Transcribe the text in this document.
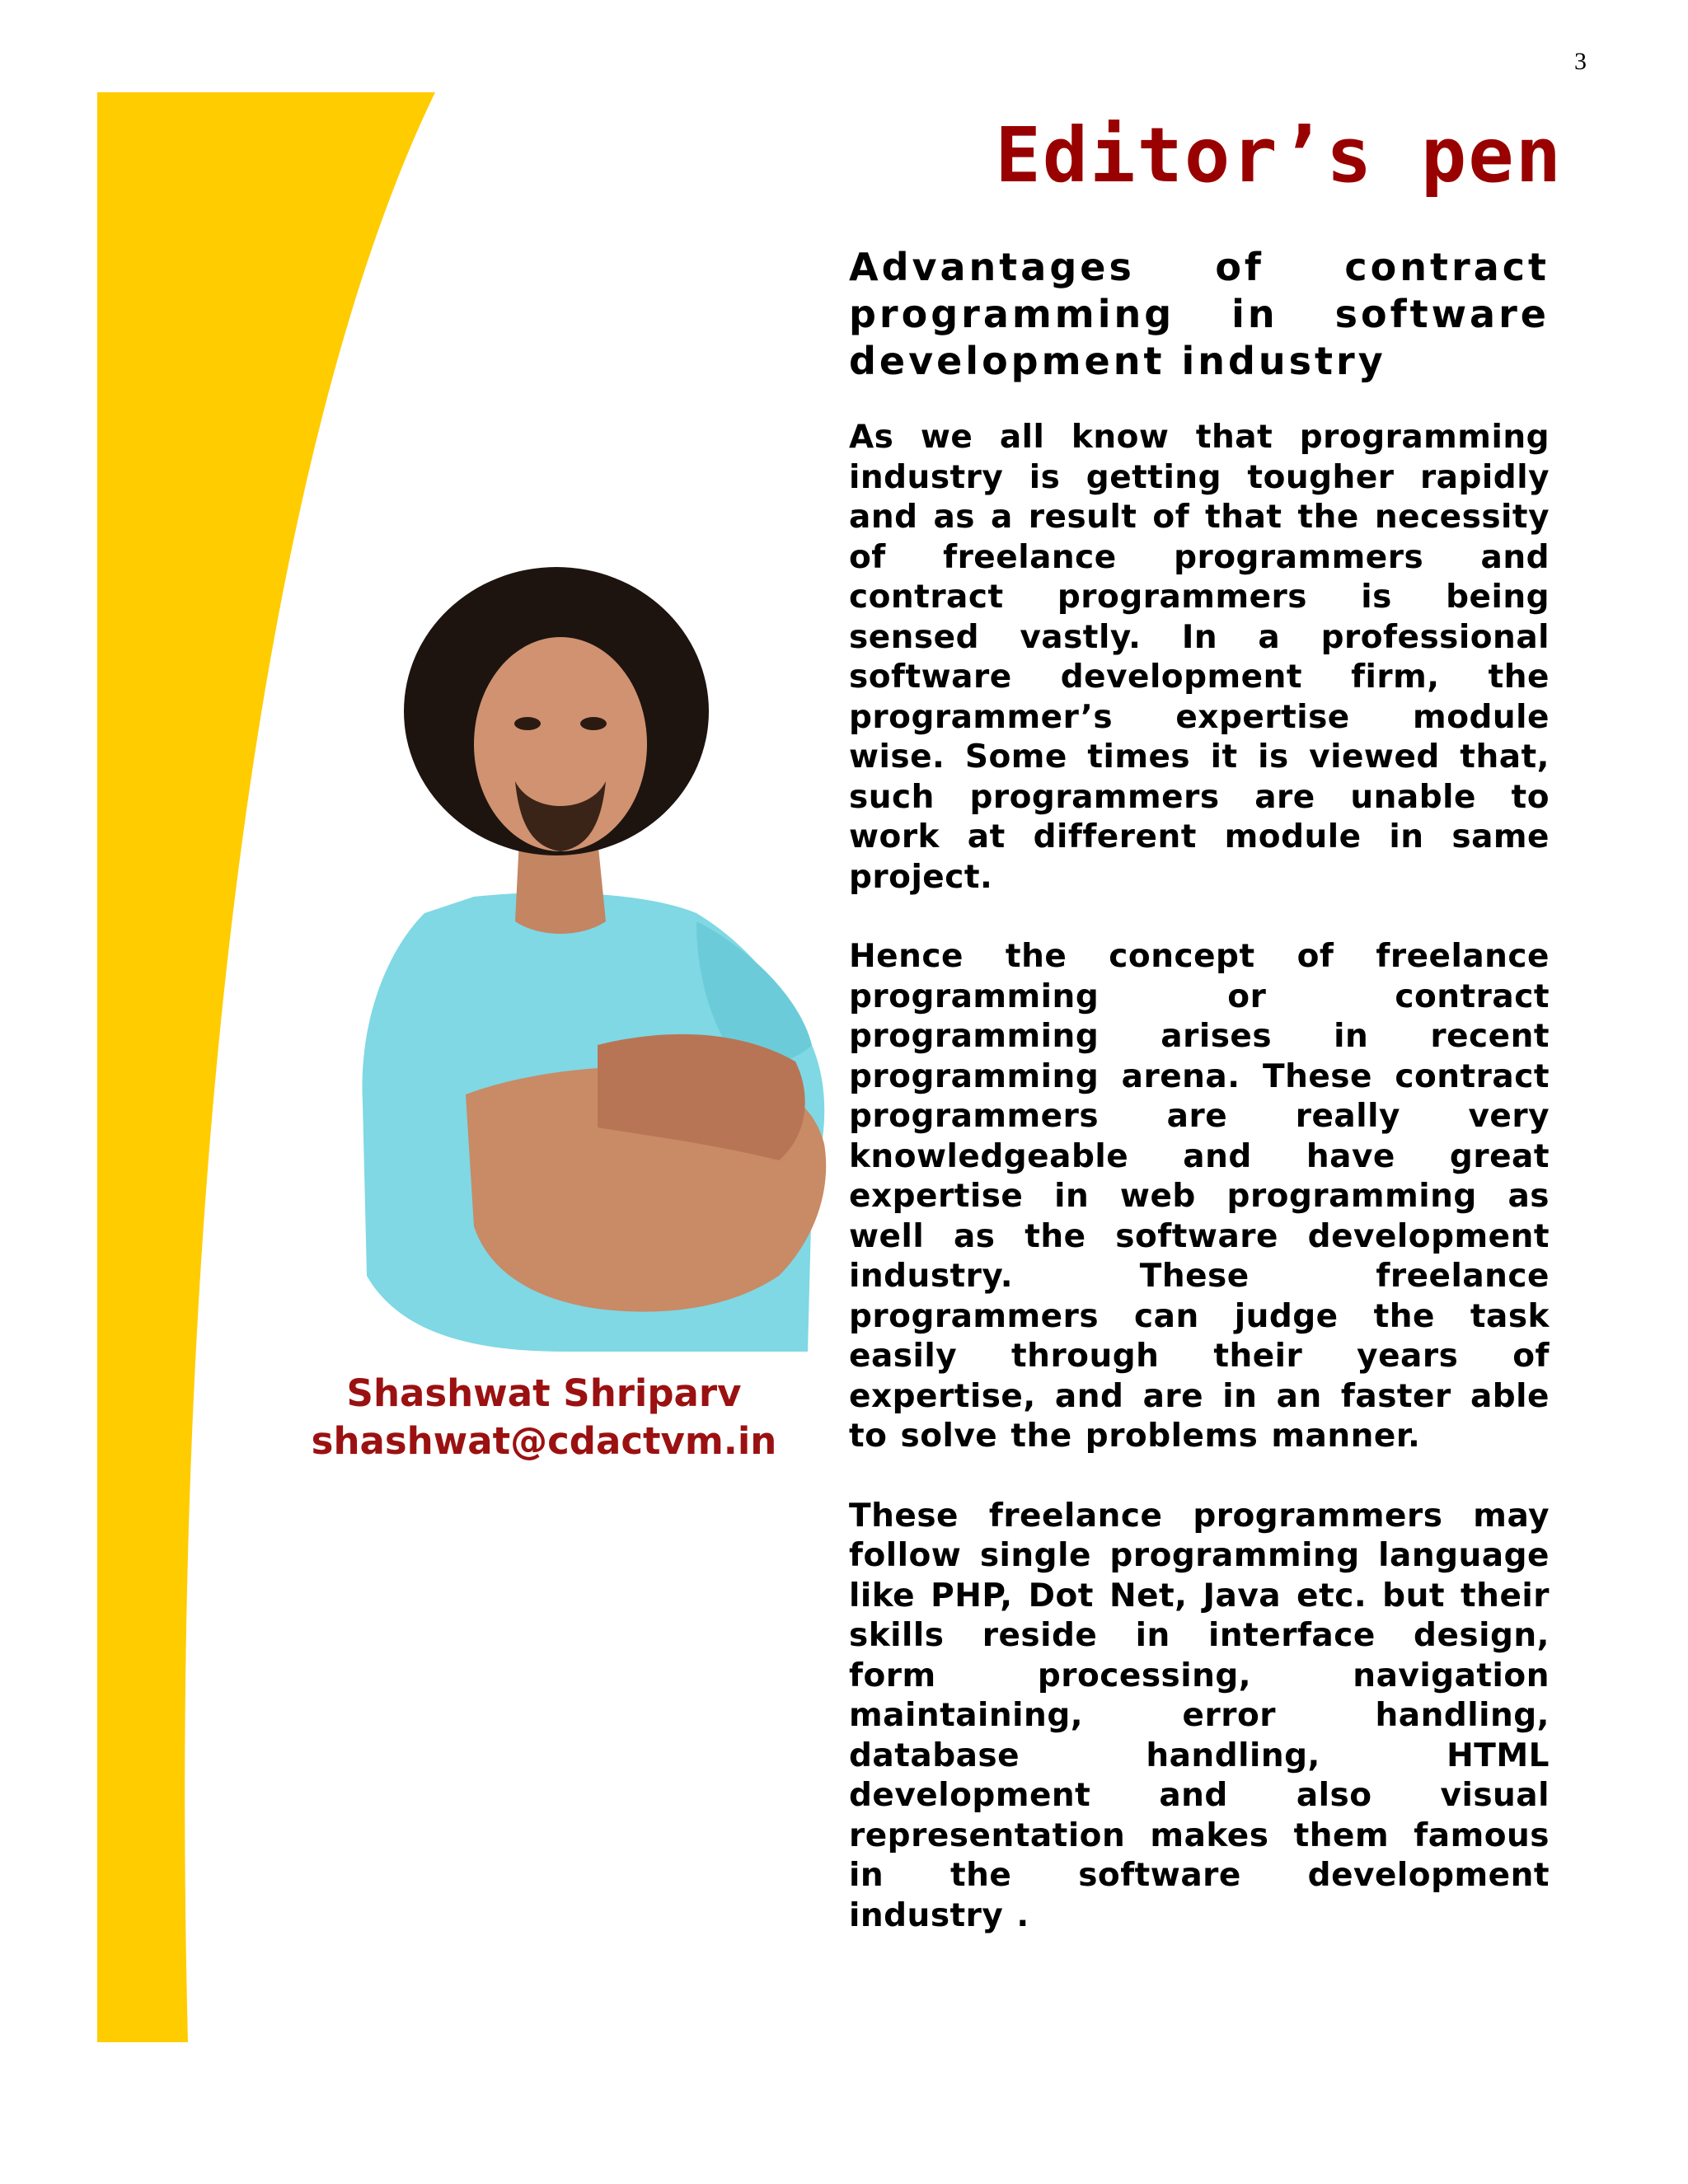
3
Editor’s pen
Advantages of contract programming in software development industry

As we all know that programming industry is getting tougher rapidly and as a result of that the necessity of freelance programmers and contract programmers is being sensed vastly. In a professional software development firm, the programmer’s expertise module wise. Some times it is viewed that, such programmers are unable to work at different module in same project.

Hence the concept of freelance programming or contract programming arises in recent programming arena. These contract programmers are really very knowledgeable and have great expertise in web programming as well as the software development industry. These freelance programmers can judge the task easily through their years of expertise, and are in an faster able to solve the problems manner.

These freelance programmers may follow single programming language like PHP, Dot Net, Java etc. but their skills reside in interface design, form processing, navigation maintaining, error handling, database handling, HTML development and also visual representation makes them famous in the software development industry .

Shashwat Shriparv
shashwat@cdactvm.in
